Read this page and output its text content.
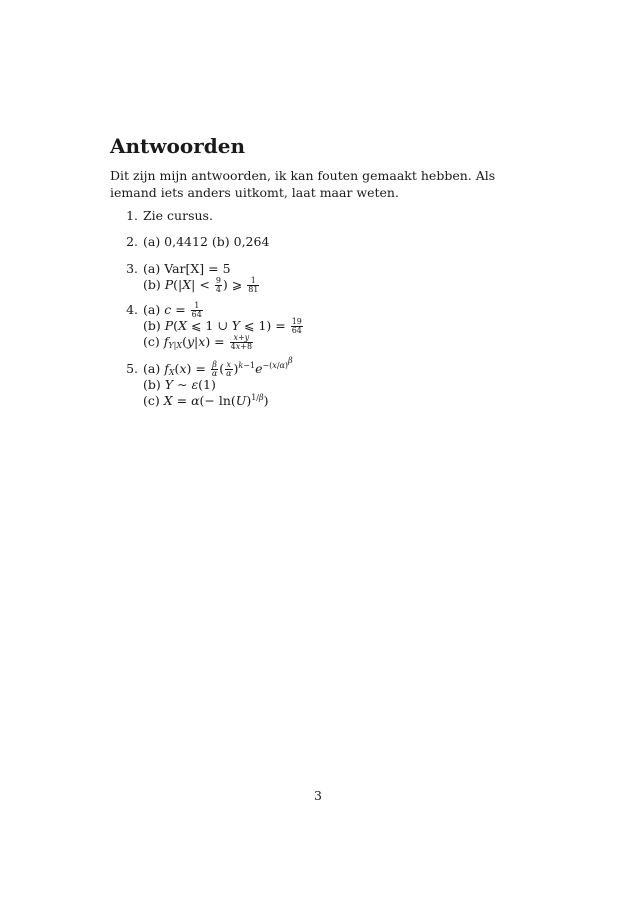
Antwoorden

Dit zijn mijn antwoorden, ik kan fouten gemaakt hebben. Als iemand iets anders uitkomt, laat maar weten.

1. Zie cursus.
2. (a) 0,4412 (b) 0,264
3. (a) Var[X] = 5
(b) $P(|X| < \frac{9}{4}$ ) ⩾ $\frac{1}{81}$
4. (a) $c = \frac{1}{64}$
(b) P(X ⩽ 1 ∪ Y ⩽ $1) = \frac{19}{64}$
(c) $f_{Y|X}(y|x) = \frac{x+y}{4x+8}$
5. (a) $f_X(x) = \frac{\beta}{\alpha}$ ( $\frac{x}{\alpha} )^{k-1}e^{-(x/\alpha)^\beta}$
(b) Y ∼ ε(1)
(c) $X = \alpha(- \ln(U)^{1/\beta})$
3
